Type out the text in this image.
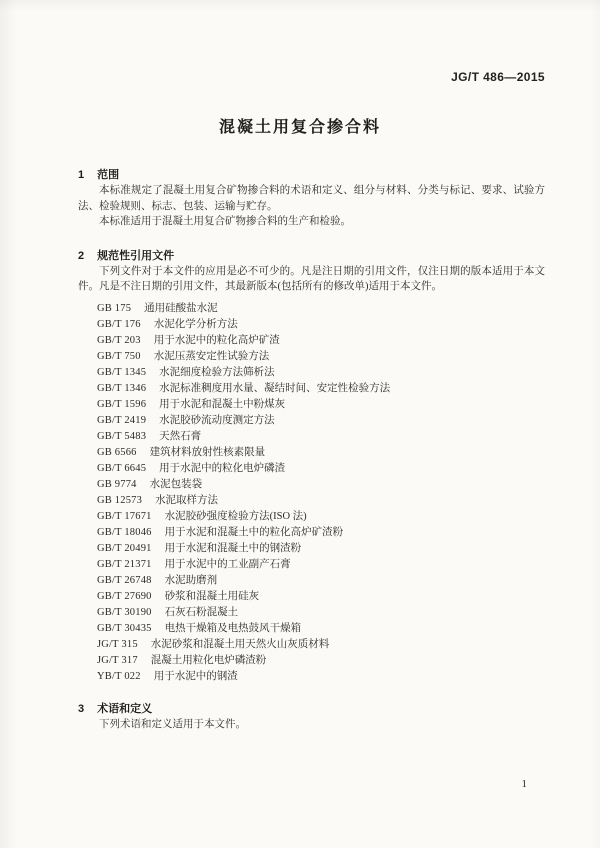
JG/T 486—2015
混凝土用复合掺合料
1 范围

本标准规定了混凝土用复合矿物掺合料的术语和定义、组分与材料、分类与标记、要求、试验方法、检验规则、标志、包装、运输与贮存。

本标准适用于混凝土用复合矿物掺合料的生产和检验。

2 规范性引用文件

下列文件对于本文件的应用是必不可少的。凡是注日期的引用文件，仅注日期的版本适用于本文件。凡是不注日期的引用文件，其最新版本(包括所有的修改单)适用于本文件。

GB 175 通用硅酸盐水泥
GB/T 176 水泥化学分析方法
GB/T 203 用于水泥中的粒化高炉矿渣
GB/T 750 水泥压蒸安定性试验方法
GB/T 1345 水泥细度检验方法筛析法
GB/T 1346 水泥标准稠度用水量、凝结时间、安定性检验方法
GB/T 1596 用于水泥和混凝土中粉煤灰
GB/T 2419 水泥胶砂流动度测定方法
GB/T 5483 天然石膏
GB 6566 建筑材料放射性核素限量
GB/T 6645 用于水泥中的粒化电炉磷渣
GB 9774 水泥包装袋
GB 12573 水泥取样方法
GB/T 17671 水泥胶砂强度检验方法(ISO 法)
GB/T 18046 用于水泥和混凝土中的粒化高炉矿渣粉
GB/T 20491 用于水泥和混凝土中的钢渣粉
GB/T 21371 用于水泥中的工业副产石膏
GB/T 26748 水泥助磨剂
GB/T 27690 砂浆和混凝土用硅灰
GB/T 30190 石灰石粉混凝土
GB/T 30435 电热干燥箱及电热鼓风干燥箱
JG/T 315 水泥砂浆和混凝土用天然火山灰质材料
JG/T 317 混凝土用粒化电炉磷渣粉
YB/T 022 用于水泥中的钢渣
3 术语和定义

下列术语和定义适用于本文件。

1
